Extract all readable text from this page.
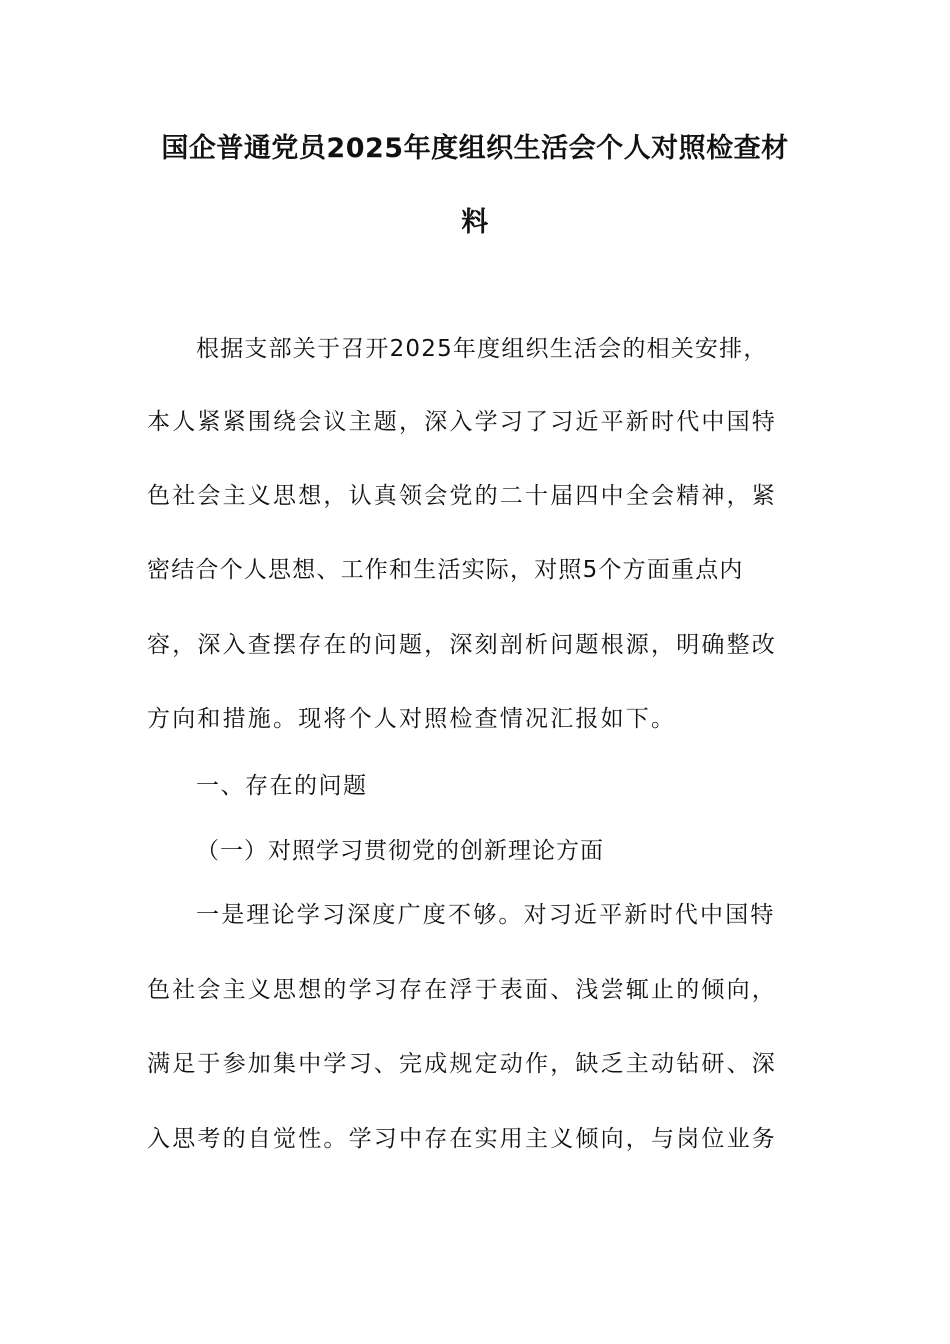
国企普通党员2025年度组织生活会个人对照检查材
料
根据支部关于召开2025年度组织生活会的相关安排，
本人紧紧围绕会议主题，深入学习了习近平新时代中国特
色社会主义思想，认真领会党的二十届四中全会精神，紧
密结合个人思想、工作和生活实际，对照5个方面重点内
容，深入查摆存在的问题，深刻剖析问题根源，明确整改
方向和措施。现将个人对照检查情况汇报如下。
一、存在的问题
（一）对照学习贯彻党的创新理论方面
一是理论学习深度广度不够。对习近平新时代中国特
色社会主义思想的学习存在浮于表面、浅尝辄止的倾向，
满足于参加集中学习、完成规定动作，缺乏主动钻研、深
入思考的自觉性。学习中存在实用主义倾向，与岗位业务
